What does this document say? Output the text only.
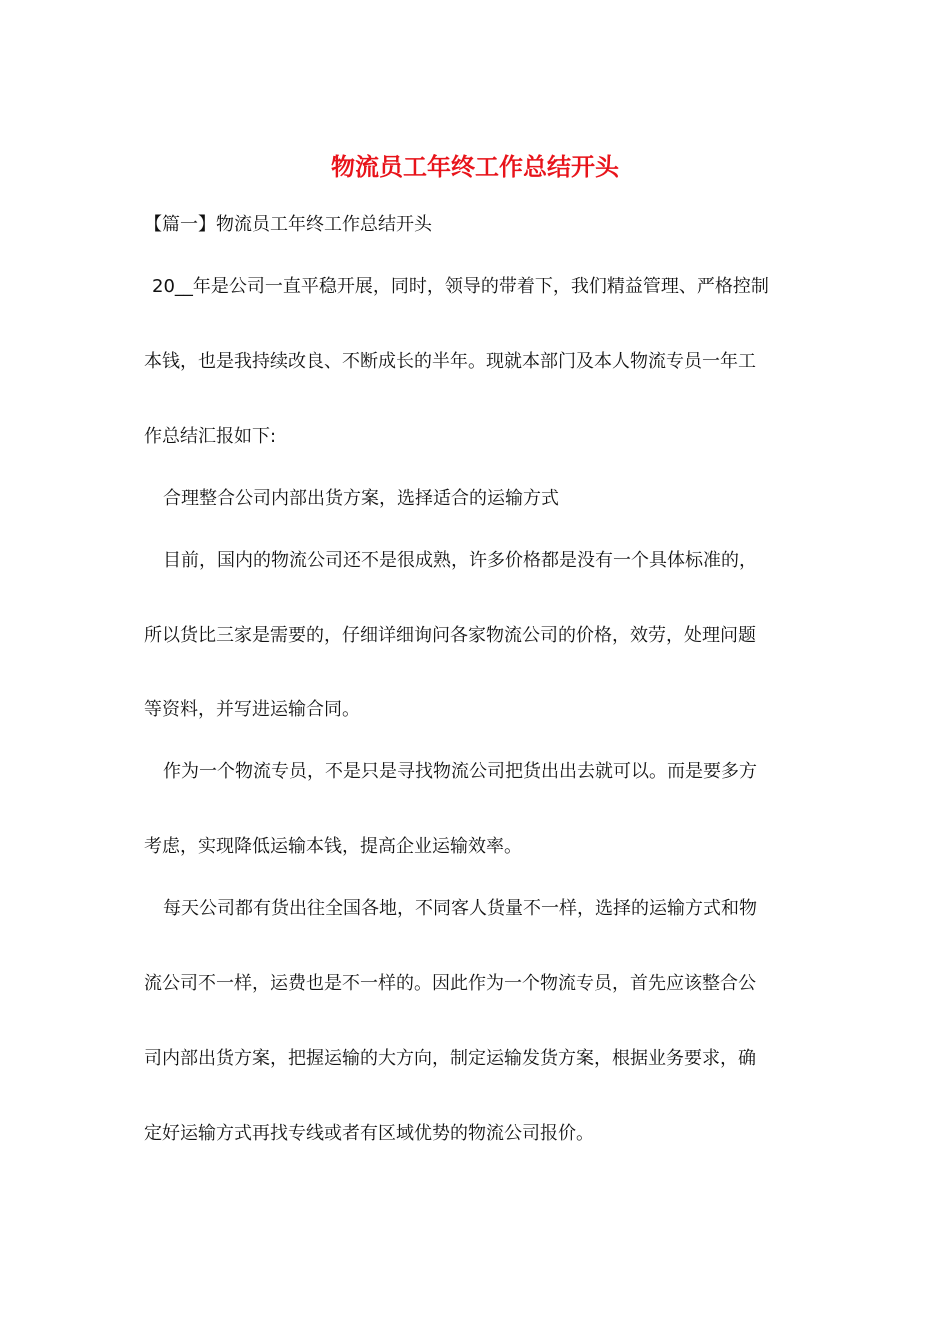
物流员工年终工作总结开头
【篇一】物流员工年终工作总结开头
20__年是公司一直平稳开展，同时，领导的带着下，我们精益管理、严格控制
本钱，也是我持续改良、不断成长的半年。现就本部门及本人物流专员一年工
作总结汇报如下:
合理整合公司内部出货方案，选择适合的运输方式
目前，国内的物流公司还不是很成熟，许多价格都是没有一个具体标准的，
所以货比三家是需要的，仔细详细询问各家物流公司的价格，效劳，处理问题
等资料，并写进运输合同。
作为一个物流专员，不是只是寻找物流公司把货出出去就可以。而是要多方
考虑，实现降低运输本钱，提高企业运输效率。
每天公司都有货出往全国各地，不同客人货量不一样，选择的运输方式和物
流公司不一样，运费也是不一样的。因此作为一个物流专员，首先应该整合公
司内部出货方案，把握运输的大方向，制定运输发货方案，根据业务要求，确
定好运输方式再找专线或者有区域优势的物流公司报价。
